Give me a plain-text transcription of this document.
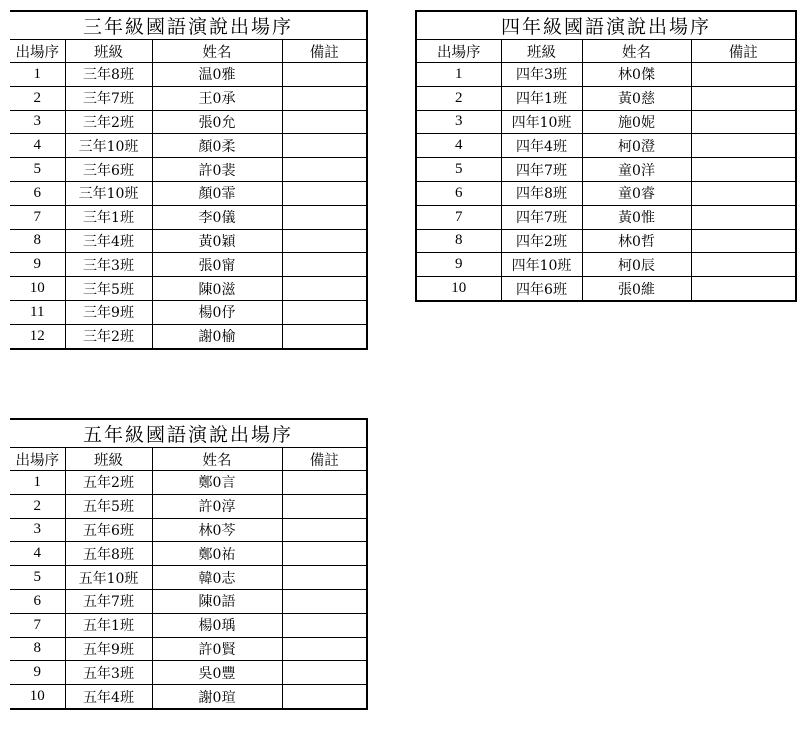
三年級國語演說出場序			
出場序	班級	姓名	備註
1	三年8班	温0雅	
2	三年7班	王0承	
3	三年2班	張0允	
4	三年10班	顏0柔	
5	三年6班	許0裴	
6	三年10班	顏0霏	
7	三年1班	李0儀	
8	三年4班	黃0穎	
9	三年3班	張0甯	
10	三年5班	陳0滋	
11	三年9班	楊0伃	
12	三年2班	謝0榆	
四年級國語演說出場序			
出場序	班級	姓名	備註
1	四年3班	林0傑	
2	四年1班	黃0慈	
3	四年10班	施0妮	
4	四年4班	柯0澄	
5	四年7班	童0洋	
6	四年8班	童0睿	
7	四年7班	黃0惟	
8	四年2班	林0哲	
9	四年10班	柯0辰	
10	四年6班	張0維	
五年級國語演說出場序			
出場序	班級	姓名	備註
1	五年2班	鄭0言	
2	五年5班	許0淳	
3	五年6班	林0芩	
4	五年8班	鄭0祐	
5	五年10班	韓0志	
6	五年7班	陳0語	
7	五年1班	楊0瑀	
8	五年9班	許0賢	
9	五年3班	吳0豐	
10	五年4班	謝0瑄	
